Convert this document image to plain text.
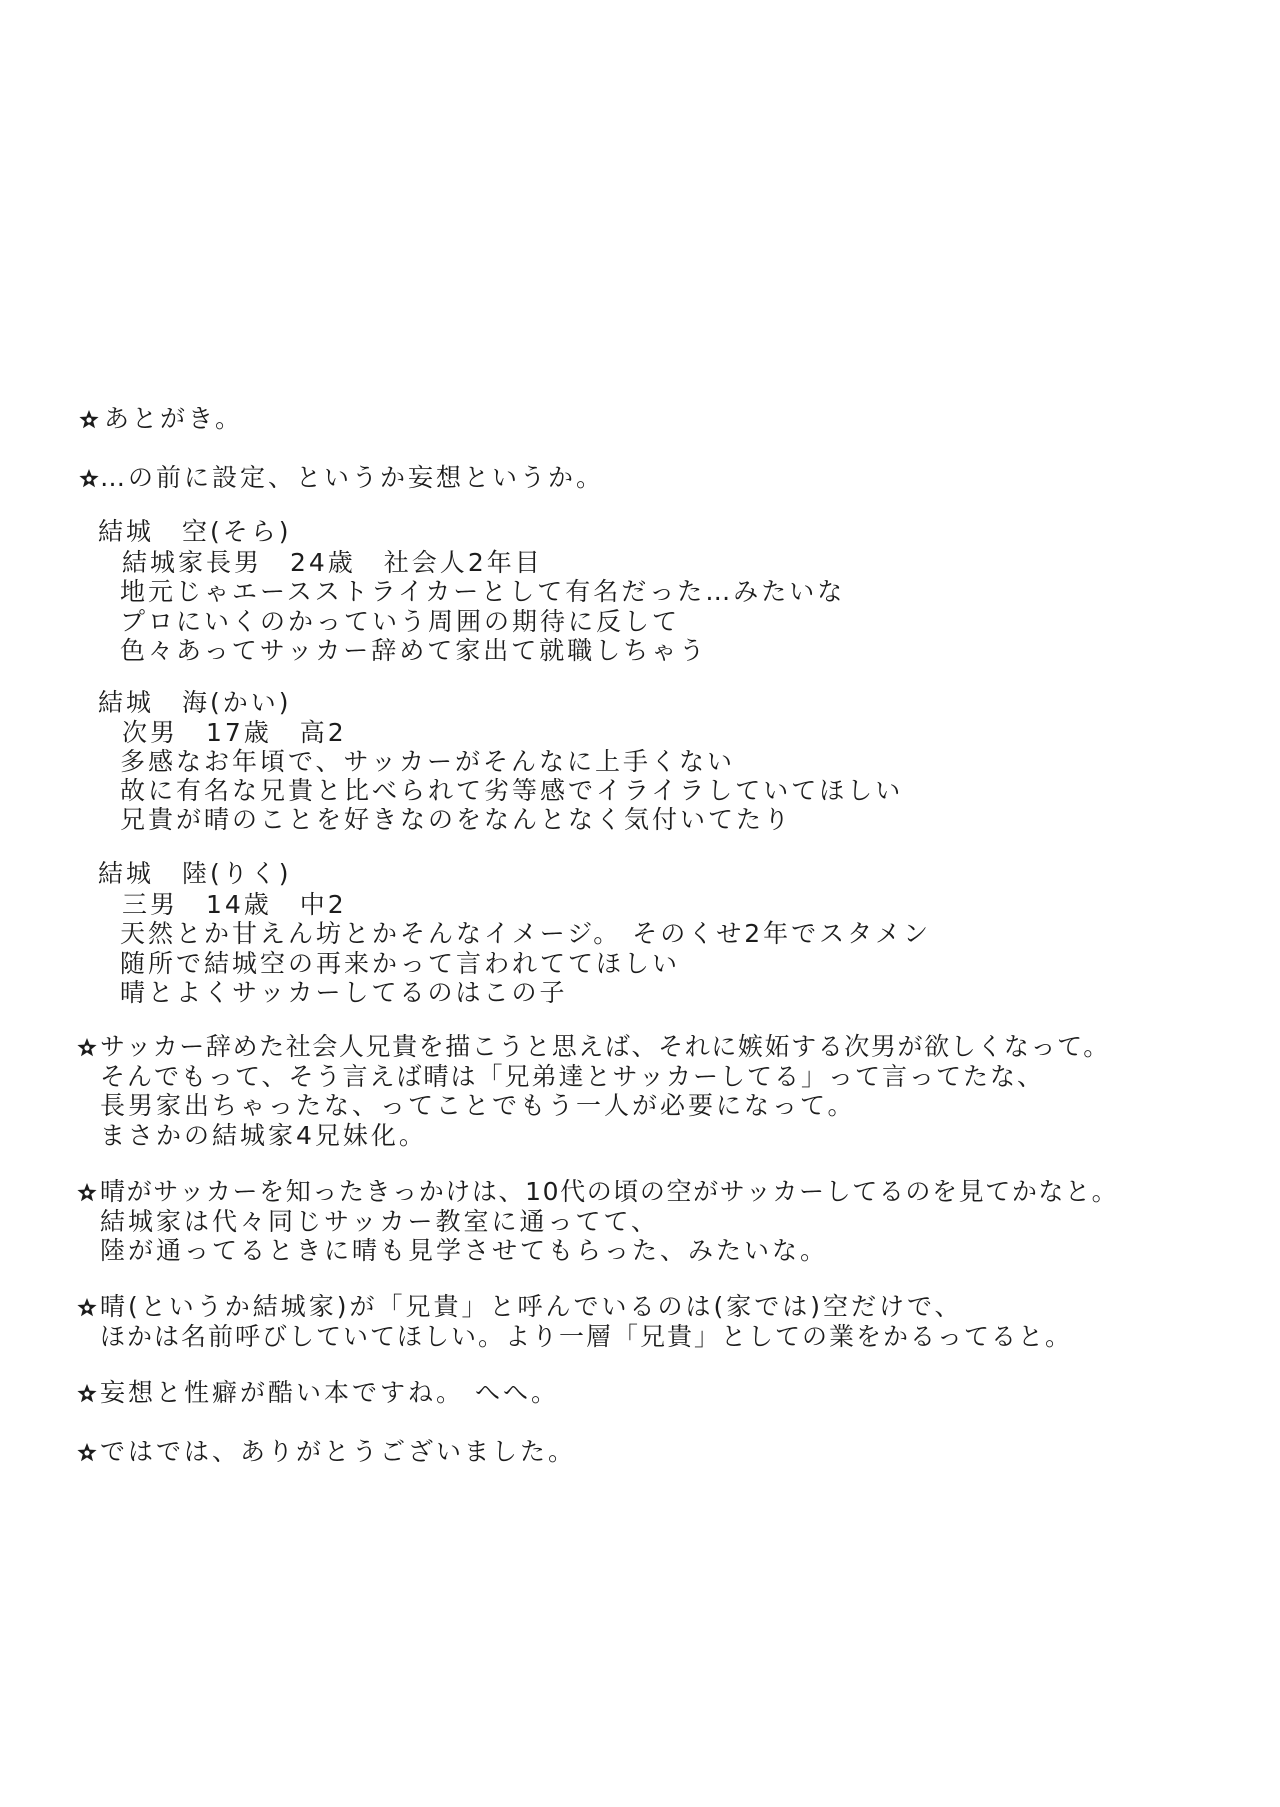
あとがき。
…の前に設定、というか妄想というか。
結城　空(そら)
結城家長男　24歳　社会人2年目
地元じゃエースストライカーとして有名だった…みたいな
プロにいくのかっていう周囲の期待に反して
色々あってサッカー辞めて家出て就職しちゃう
結城　海(かい)
次男　17歳　高2
多感なお年頃で、サッカーがそんなに上手くない
故に有名な兄貴と比べられて劣等感でイライラしていてほしい
兄貴が晴のことを好きなのをなんとなく気付いてたり
結城　陸(りく)
三男　14歳　中2
天然とか甘えん坊とかそんなイメージ。 そのくせ2年でスタメン
随所で結城空の再来かって言われててほしい
晴とよくサッカーしてるのはこの子
サッカー辞めた社会人兄貴を描こうと思えば、それに嫉妬する次男が欲しくなって。
そんでもって、そう言えば晴は「兄弟達とサッカーしてる」って言ってたな、
長男家出ちゃったな、ってことでもう一人が必要になって。
まさかの結城家4兄妹化。
晴がサッカーを知ったきっかけは、10代の頃の空がサッカーしてるのを見てかなと。
結城家は代々同じサッカー教室に通ってて、
陸が通ってるときに晴も見学させてもらった、みたいな。
晴(というか結城家)が「兄貴」と呼んでいるのは(家では)空だけで、
ほかは名前呼びしていてほしい。より一層「兄貴」としての業をかるってると。
妄想と性癖が酷い本ですね。 へへ。
ではでは、ありがとうございました。
